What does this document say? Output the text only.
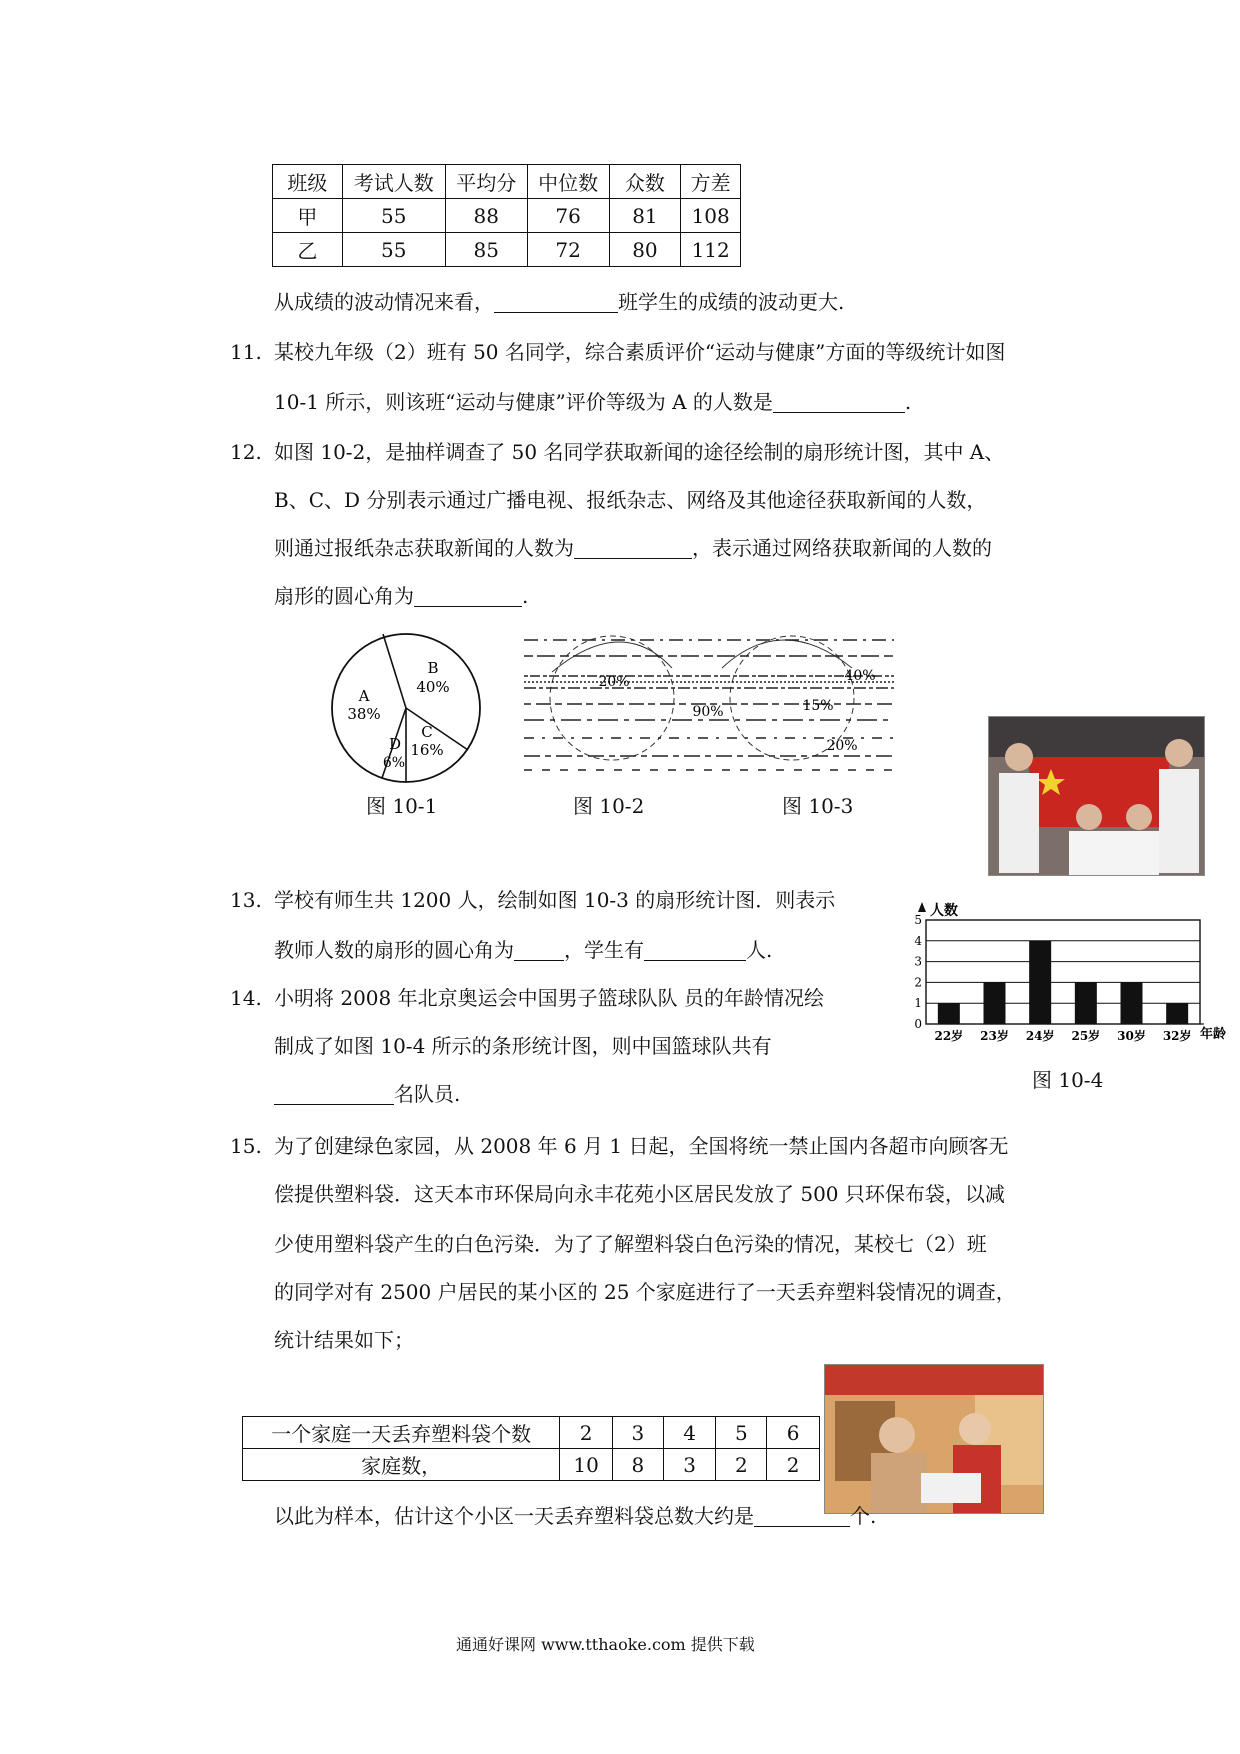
班级	考试人数	平均分	中位数	众数	方差
甲	55	88	76	81	108
乙	55	85	72	80	112
从成绩的波动情况来看，	班学生的成绩的波动更大.
11. 某校九年级（2）班有 50 名同学，综合素质评价“运动与健康”方面的等级统计如图
10-1 所示，则该班“运动与健康”评价等级为 A 的人数是	.
12. 如图 10-2，是抽样调查了 50 名同学获取新闻的途径绘制的扇形统计图，其中 A、
B、C、D 分别表示通过广播电视、报纸杂志、网络及其他途径获取新闻的人数，
则通过报纸杂志获取新闻的人数为	，表示通过网络获取新闻的人数的
扇形的圆心角为	.
A
38%
B
40%
C
16%
D
6%
20%
90%
40%
15%
20%
图 10-1	图 10-2	图 10-3
13. 学校有师生共 1200 人，绘制如图 10-3 的扇形统计图．则表示
教师人数的扇形的圆心角为	，学生有	人.
14. 小明将 2008 年北京奥运会中国男子篮球队队 员的年龄情况绘
制成了如图 10-4 所示的条形统计图，则中国篮球队共有
名队员.
人数
年龄
0
1
2
3
4
5
22岁 23岁 24岁 25岁 30岁 32岁
图 10-4
15. 为了创建绿色家园，从 2008 年 6 月 1 日起，全国将统一禁止国内各超市向顾客无
偿提供塑料袋．这天本市环保局向永丰花苑小区居民发放了 500 只环保布袋，以减
少使用塑料袋产生的白色污染．为了了解塑料袋白色污染的情况，某校七（2）班
的同学对有 2500 户居民的某小区的 25 个家庭进行了一天丢弃塑料袋情况的调查，
统计结果如下；
一个家庭一天丢弃塑料袋个数	2	3	4	5	6
家庭数，	10	8	3	2	2
以此为样本，估计这个小区一天丢弃塑料袋总数大约是	个.
通通好课网 www.tthaoke.com 提供下载
